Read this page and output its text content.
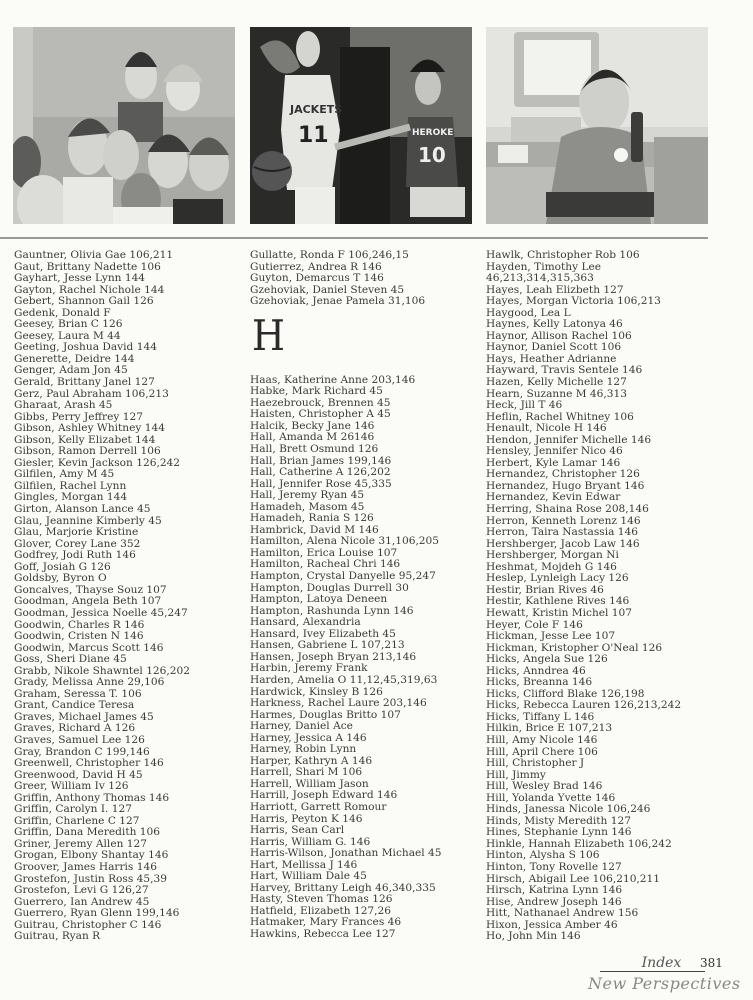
11
JACKETS
HEROKE
10
Gauntner, Olivia Gae 106,211
Gaut, Brittany Nadette 106
Gayhart, Jesse Lynn 144
Gayton, Rachel Nichole 144
Gebert, Shannon Gail 126
Gedenk, Donald F
Geesey, Brian C 126
Geesey, Laura M 44
Geeting, Joshua David 144
Generette, Deidre 144
Genger, Adam Jon 45
Gerald, Brittany Janel 127
Gerz, Paul Abraham 106,213
Gharaat, Arash 45
Gibbs, Perry Jeffrey 127
Gibson, Ashley Whitney 144
Gibson, Kelly Elizabet 144
Gibson, Ramon Derrell 106
Giesler, Kevin Jackson 126,242
Gilfilen, Amy M 45
Gilfilen, Rachel Lynn
Gingles, Morgan 144
Girton, Alanson Lance 45
Glau, Jeannine Kimberly 45
Glau, Marjorie Kristine
Glover, Corey Lane 352
Godfrey, Jodi Ruth 146
Goff, Josiah G 126
Goldsby, Byron O
Goncalves, Thayse Souz 107
Goodman, Angela Beth 107
Goodman, Jessica Noelle 45,247
Goodwin, Charles R 146
Goodwin, Cristen N 146
Goodwin, Marcus Scott 146
Goss, Sheri Diane 45
Grabb, Nikole Shawntel 126,202
Grady, Melissa Anne 29,106
Graham, Seressa T. 106
Grant, Candice Teresa
Graves, Michael James 45
Graves, Richard A 126
Graves, Samuel Lee 126
Gray, Brandon C 199,146
Greenwell, Christopher 146
Greenwood, David H 45
Greer, William Iv 126
Griffin, Anthony Thomas 146
Griffin, Carolyn I. 127
Griffin, Charlene C 127
Griffin, Dana Meredith 106
Griner, Jeremy Allen 127
Grogan, Elbony Shantay 146
Groover, James Harris 146
Grostefon, Justin Ross 45,39
Grostefon, Levi G 126,27
Guerrero, Ian Andrew 45
Guerrero, Ryan Glenn 199,146
Guitrau, Christopher C 146
Guitrau, Ryan R
Gullatte, Ronda F 106,246,15
Gutierrez, Andrea R 146
Guyton, Demarcus T 146
Gzehoviak, Daniel Steven 45
Gzehoviak, Jenae Pamela 31,106
H
Haas, Katherine Anne 203,146
Habke, Mark Richard 45
Haezebrouck, Brennen 45
Haisten, Christopher A 45
Halcik, Becky Jane 146
Hall, Amanda M 26146
Hall, Brett Osmund 126
Hall, Brian James 199,146
Hall, Catherine A 126,202
Hall, Jennifer Rose 45,335
Hall, Jeremy Ryan 45
Hamadeh, Masom 45
Hamadeh, Rania S 126
Hambrick, David M 146
Hamilton, Alena Nicole 31,106,205
Hamilton, Erica Louise 107
Hamilton, Racheal Chri 146
Hampton, Crystal Danyelle 95,247
Hampton, Douglas Durrell 30
Hampton, Latoya Deneen
Hampton, Rashunda Lynn 146
Hansard, Alexandria
Hansard, Ivey Elizabeth 45
Hansen, Gabriene L 107,213
Hansen, Joseph Bryan 213,146
Harbin, Jeremy Frank
Harden, Amelia O 11,12,45,319,63
Hardwick, Kinsley B 126
Harkness, Rachel Laure 203,146
Harmes, Douglas Britto 107
Harney, Daniel Ace
Harney, Jessica A 146
Harney, Robin Lynn
Harper, Kathryn A 146
Harrell, Shari M 106
Harrell, William Jason
Harrill, Joseph Edward 146
Harriott, Garrett Romour
Harris, Peyton K 146
Harris, Sean Carl
Harris, William G. 146
Harris-Wilson, Jonathan Michael 45
Hart, Mellissa J 146
Hart, William Dale 45
Harvey, Brittany Leigh 46,340,335
Hasty, Steven Thomas 126
Hatfield, Elizabeth 127,26
Hatmaker, Mary Frances 46
Hawkins, Rebecca Lee 127
Hawlk, Christopher Rob 106
Hayden, Timothy Lee
46,213,314,315,363
Hayes, Leah Elizbeth 127
Hayes, Morgan Victoria 106,213
Haygood, Lea L
Haynes, Kelly Latonya 46
Haynor, Allison Rachel 106
Haynor, Daniel Scott 106
Hays, Heather Adrianne
Hayward, Travis Sentele 146
Hazen, Kelly Michelle 127
Hearn, Suzanne M 46,313
Heck, Jill T 46
Heflin, Rachel Whitney 106
Henault, Nicole H 146
Hendon, Jennifer Michelle 146
Hensley, Jennifer Nico 46
Herbert, Kyle Lamar 146
Hernandez, Christopher 126
Hernandez, Hugo Bryant 146
Hernandez, Kevin Edwar
Herring, Shaina Rose 208,146
Herron, Kenneth Lorenz 146
Herron, Taira Nastassia 146
Hershberger, Jacob Law 146
Hershberger, Morgan Ni
Heshmat, Mojdeh G 146
Heslep, Lynleigh Lacy 126
Hestir, Brian Rives 46
Hestir, Kathlene Rives 146
Hewatt, Kristin Michel 107
Heyer, Cole F 146
Hickman, Jesse Lee 107
Hickman, Kristopher O'Neal 126
Hicks, Angela Sue 126
Hicks, Anndrea 46
Hicks, Breanna 146
Hicks, Clifford Blake 126,198
Hicks, Rebecca Lauren 126,213,242
Hicks, Tiffany L 146
Hilkin, Brice E 107,213
Hill, Amy Nicole 146
Hill, April Chere 106
Hill, Christopher J
Hill, Jimmy
Hill, Wesley Brad 146
Hill, Yolanda Yvette 146
Hinds, Janessa Nicole 106,246
Hinds, Misty Meredith 127
Hines, Stephanie Lynn 146
Hinkle, Hannah Elizabeth 106,242
Hinton, Alysha S 106
Hinton, Tony Rovelle 127
Hirsch, Abigail Lee 106,210,211
Hirsch, Katrina Lynn 146
Hise, Andrew Joseph 146
Hitt, Nathanael Andrew 156
Hixon, Jessica Amber 46
Ho, John Min 146
Index	381
New Perspectives
